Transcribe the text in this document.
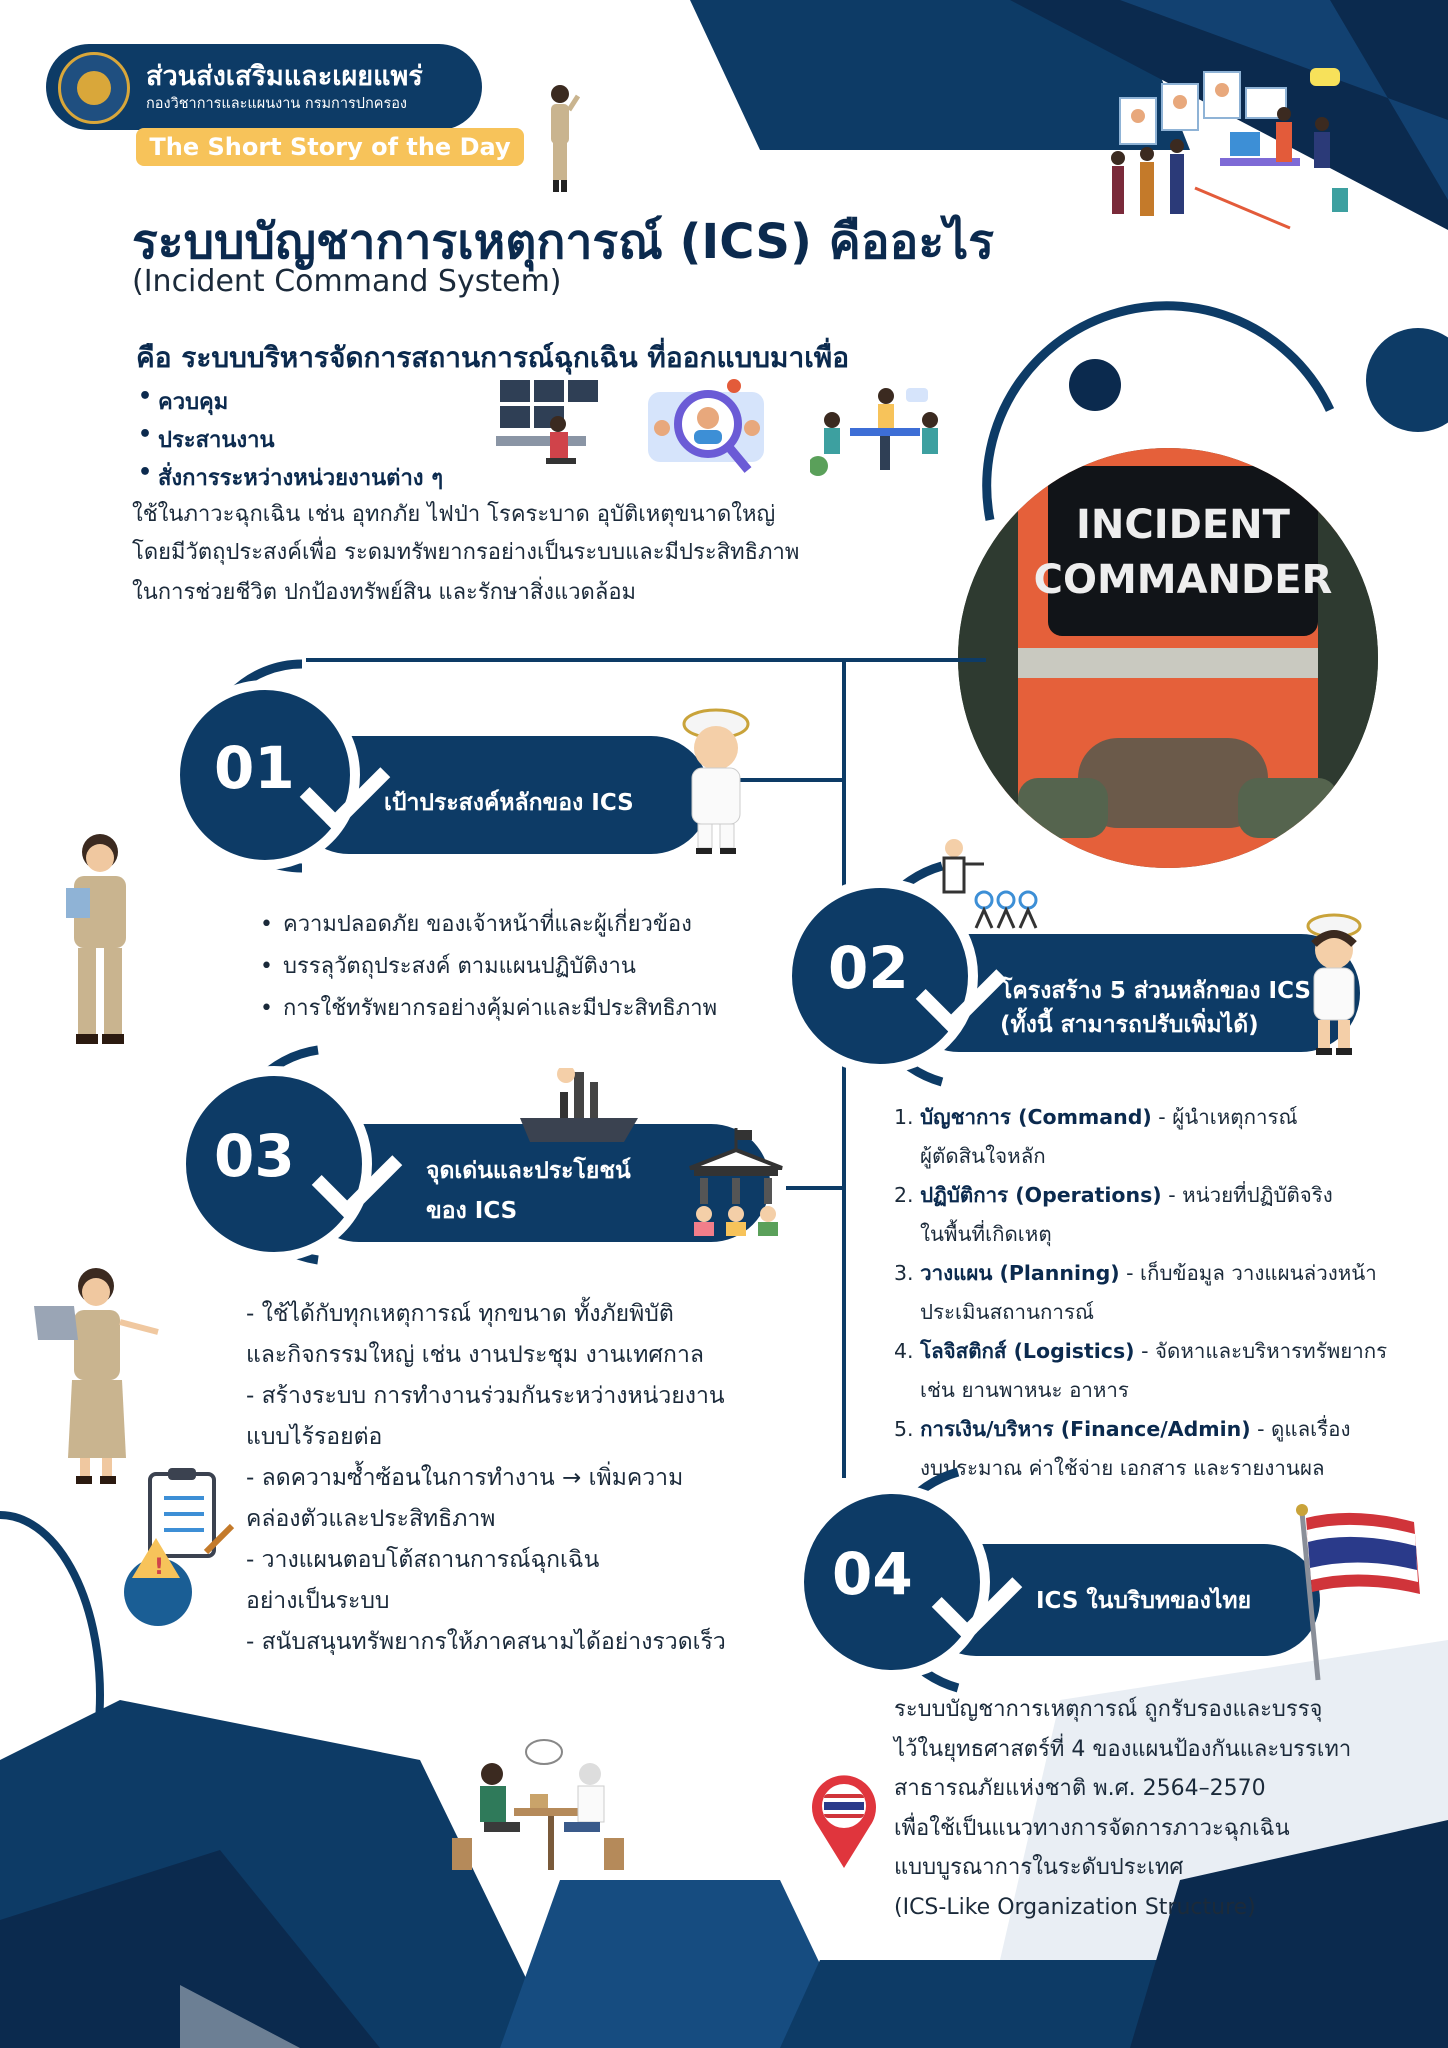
ส่วนส่งเสริมและเผยแพร่
กองวิชาการและแผนงาน กรมการปกครอง
The Short Story of the Day
ระบบบัญชาการเหตุการณ์ (ICS) คืออะไร
(Incident Command System)
คือ ระบบบริหารจัดการสถานการณ์ฉุกเฉิน ที่ออกแบบมาเพื่อ
• ควบคุม
• ประสานงาน
• สั่งการระหว่างหน่วยงานต่าง ๆ
ใช้ในภาวะฉุกเฉิน เช่น อุทกภัย ไฟป่า โรคระบาด อุบัติเหตุขนาดใหญ่
โดยมีวัตถุประสงค์เพื่อ ระดมทรัพยากรอย่างเป็นระบบและมีประสิทธิภาพ
ในการช่วยชีวิต ปกป้องทรัพย์สิน และรักษาสิ่งแวดล้อม
INCIDENT
COMMANDER
01
เป้าประสงค์หลักของ ICS
• ความปลอดภัย ของเจ้าหน้าที่และผู้เกี่ยวข้อง
• บรรลุวัตถุประสงค์ ตามแผนปฏิบัติงาน
• การใช้ทรัพยากรอย่างคุ้มค่าและมีประสิทธิภาพ
02	โครงสร้าง 5 ส่วนหลักของ ICS
(ทั้งนี้ สามารถปรับเพิ่มได้)
1. บัญชาการ (Command) - ผู้นำเหตุการณ์
ผู้ตัดสินใจหลัก
2. ปฏิบัติการ (Operations) - หน่วยที่ปฏิบัติจริง
ในพื้นที่เกิดเหตุ
3. วางแผน (Planning) - เก็บข้อมูล วางแผนล่วงหน้า
ประเมินสถานการณ์
4. โลจิสติกส์ (Logistics) - จัดหาและบริหารทรัพยากร
เช่น ยานพาหนะ อาหาร
5. การเงิน/บริหาร (Finance/Admin) - ดูแลเรื่อง
งบประมาณ ค่าใช้จ่าย เอกสาร และรายงานผล
03	จุดเด่นและประโยชน์
ของ ICS
- ใช้ได้กับทุกเหตุการณ์ ทุกขนาด ทั้งภัยพิบัติ
และกิจกรรมใหญ่ เช่น งานประชุม งานเทศกาล
- สร้างระบบ การทำงานร่วมกันระหว่างหน่วยงาน
แบบไร้รอยต่อ
- ลดความซ้ำซ้อนในการทำงาน → เพิ่มความ
คล่องตัวและประสิทธิภาพ
- วางแผนตอบโต้สถานการณ์ฉุกเฉิน
อย่างเป็นระบบ
- สนับสนุนทรัพยากรให้ภาคสนามได้อย่างรวดเร็ว
!	04	ICS ในบริบทของไทย
ระบบบัญชาการเหตุการณ์ ถูกรับรองและบรรจุ
ไว้ในยุทธศาสตร์ที่ 4 ของแผนป้องกันและบรรเทา
สาธารณภัยแห่งชาติ พ.ศ. 2564–2570
เพื่อใช้เป็นแนวทางการจัดการภาวะฉุกเฉิน
แบบบูรณาการในระดับประเทศ
(ICS-Like Organization Structure)
